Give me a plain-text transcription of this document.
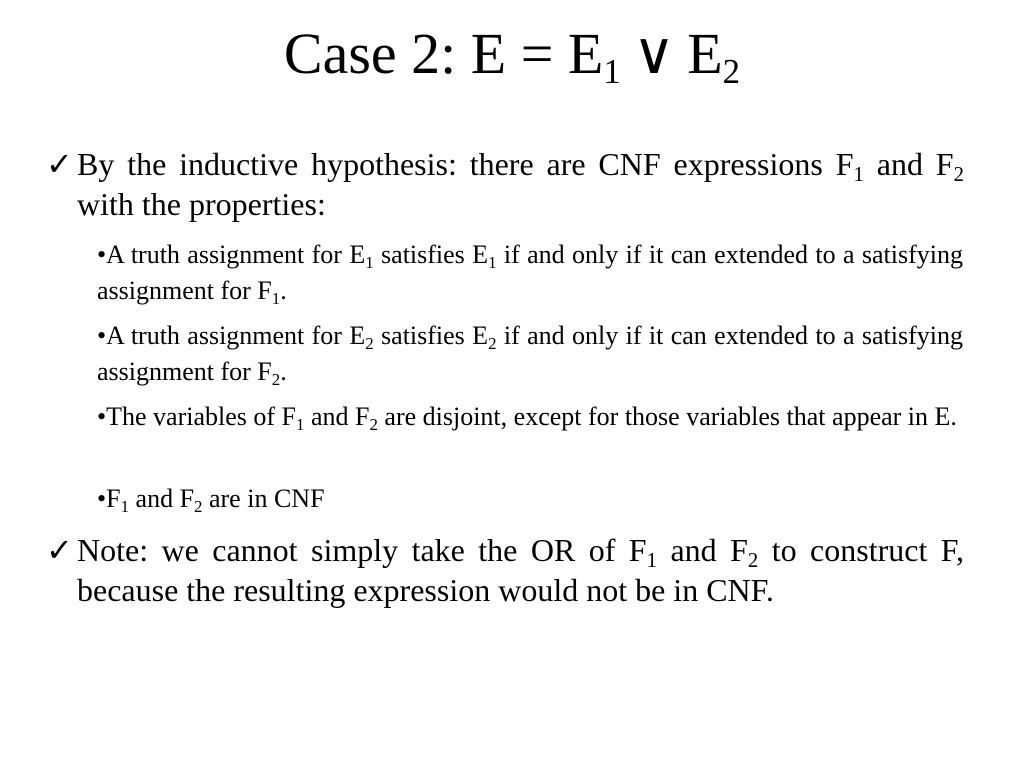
Case 2: $E = E_1$ ∨ $E_2$
✓ By the inductive hypothesis: there are CNF expressions $F_1$ and $F_2$ with the properties:
•A truth assignment for $E_1$ satisfies $E_1$ if and only if it can extended to a satisfying assignment for $F_1$.
•A truth assignment for $E_2$ satisfies $E_2$ if and only if it can extended to a satisfying assignment for $F_2$.
•The variables of $F_1$ and $F_2$ are disjoint, except for those variables that appear in E.
$•F_1$ and $F_2$ are in CNF
✓ Note: we cannot simply take the OR of $F_1$ and $F_2$ to construct F, because the resulting expression would not be in CNF.
